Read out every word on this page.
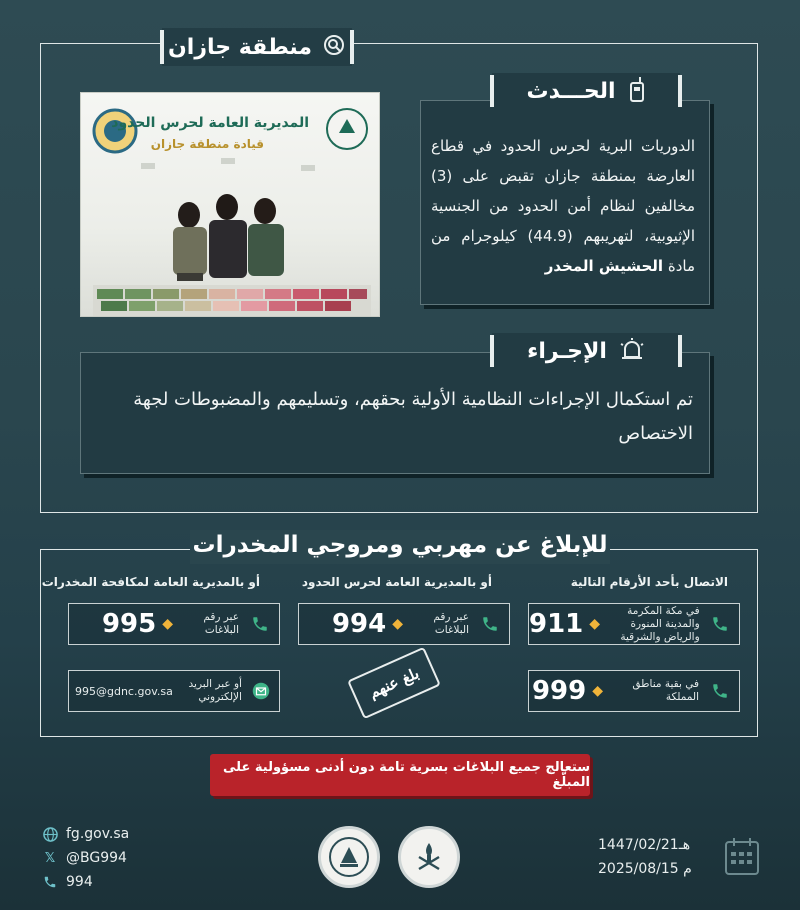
منطقة جازان
المديرية العامة لحرس الحدود
قيادة منطقة جازان	الدوريات البرية لحرس الحدود في قطاع العارضة بمنطقة جازان تقبض على (3) مخالفين لنظام أمن الحدود من الجنسية الإثيوبية، لتهريبهم (44.9) كيلوجرام من مادة الحشيش المخدر
الحـــدث
تم استكمال الإجراءات النظامية الأولية بحقهم، وتسليمهم والمضبوطات لجهة الاختصاص
الإجـراء
للإبلاغ عن مهربي ومروجي المخدرات
الاتصال بأحد الأرقام التالية
أو بالمديرية العامة لحرس الحدود
أو بالمديرية العامة لمكافحة المخدرات
في مكة المكرمة والمدينة المنورة والرياض والشرقية
◆
911
في بقية مناطق المملكة
◆
999
عبر رقم البلاغات
◆
994
عبر رقم البلاغات
◆
995
أو عبر البريد الإلكتروني
995@gdnc.gov.sa	بلغ عنهم
ستعالج جميع البلاغات بسرية تامة دون أدنى مسؤولية على المبلّغ
fg.gov.sa
𝕏 @BG994
994
1447/02/21هـ
2025/08/15 م
